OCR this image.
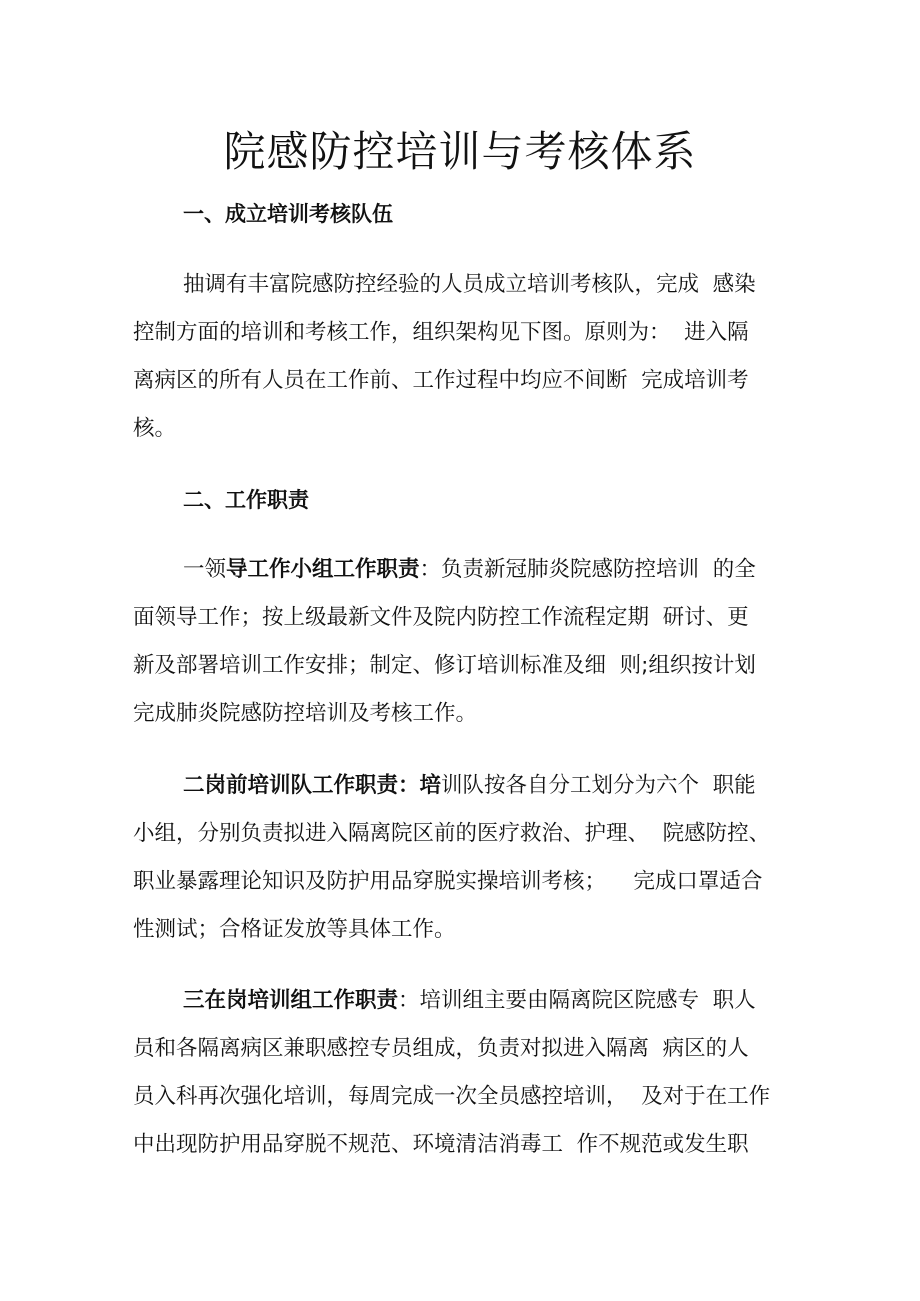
院感防控培训与考核体系
一、成立培训考核队伍
抽调有丰富院感防控经验的人员成立培训考核队，完成  感染
控制方面的培训和考核工作，组织架构见下图。原则为：  进入隔
离病区的所有人员在工作前、工作过程中均应不间断  完成培训考
核。
二、工作职责
一领导工作小组工作职责：负责新冠肺炎院感防控培训  的全
面领导工作；按上级最新文件及院内防控工作流程定期  研讨、更
新及部署培训工作安排；制定、修订培训标准及细  则;组织按计划
完成肺炎院感防控培训及考核工作。
二岗前培训队工作职责：培训队按各自分工划分为六个  职能
小组，分别负责拟进入隔离院区前的医疗救治、护理、  院感防控、
职业暴露理论知识及防护用品穿脱实操培训考核；    完成口罩适合
性测试；合格证发放等具体工作。
三在岗培训组工作职责：培训组主要由隔离院区院感专  职人
员和各隔离病区兼职感控专员组成，负责对拟进入隔离  病区的人
员入科再次强化培训，每周完成一次全员感控培训，  及对于在工作
中出现防护用品穿脱不规范、环境清洁消毒工  作不规范或发生职
